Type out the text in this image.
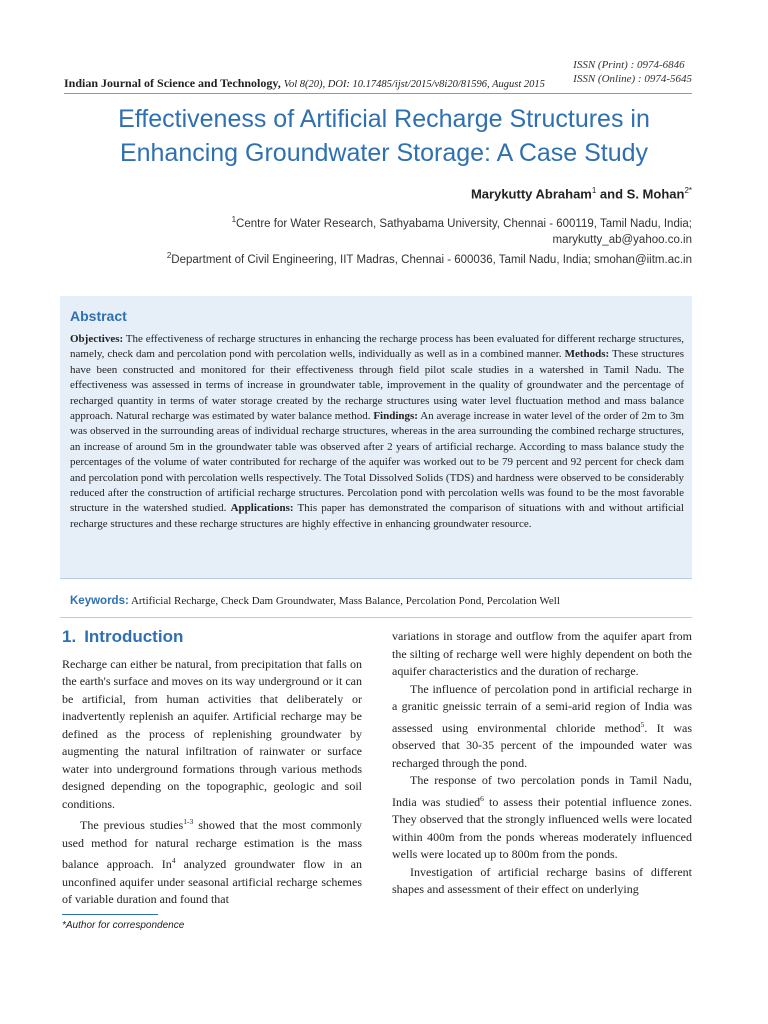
ISSN (Print) : 0974-6846
ISSN (Online) : 0974-5645
Indian Journal of Science and Technology, Vol 8(20), DOI: 10.17485/ijst/2015/v8i20/81596, August 2015
Effectiveness of Artificial Recharge Structures in
Enhancing Groundwater Storage: A Case Study
Marykutty Abraham$^1$ and S. Mohan$^{2*}$
$^1$Centre for Water Research, Sathyabama University, Chennai - 600119, Tamil Nadu, India;
marykutty_ab@yahoo.co.in
$^2$Department of Civil Engineering, IIT Madras, Chennai - 600036, Tamil Nadu, India; smohan@iitm.ac.in
Abstract
Objectives: The effectiveness of recharge structures in enhancing the recharge process has been evaluated for different recharge structures, namely, check dam and percolation pond with percolation wells, individually as well as in a combined manner. Methods: These structures have been constructed and monitored for their effectiveness through field pilot scale studies in a watershed in Tamil Nadu. The effectiveness was assessed in terms of increase in groundwater table, improvement in the quality of groundwater and the percentage of recharged quantity in terms of water storage created by the recharge structures using water level fluctuation method and mass balance approach. Natural recharge was estimated by water balance method. Findings: An average increase in water level of the order of 2m to 3m was observed in the surrounding areas of individual recharge structures, whereas in the area surrounding the combined recharge structures, an increase of around 5m in the groundwater table was observed after 2 years of artificial recharge. According to mass balance study the percentages of the volume of water contributed for recharge of the aquifer was worked out to be 79 percent and 92 percent for check dam and percolation pond with percolation wells respectively. The Total Dissolved Solids (TDS) and hardness were observed to be considerably reduced after the construction of artificial recharge structures. Percolation pond with percolation wells was found to be the most favorable structure in the watershed studied. Applications: This paper has demonstrated the comparison of situations with and without artificial recharge structures and these recharge structures are highly effective in enhancing groundwater resource.
Keywords: Artificial Recharge, Check Dam Groundwater, Mass Balance, Percolation Pond, Percolation Well
1. Introduction

Recharge can either be natural, from precipitation that falls on the earth's surface and moves on its way underground or it can be artificial, from human activities that deliberately or inadvertently replenish an aquifer. Artificial recharge may be defined as the process of replenishing groundwater by augmenting the natural infiltration of rainwater or surface water into underground formations through various methods designed depending on the topographic, geologic and soil conditions.

The previous studies$^{1-3}$ showed that the most commonly used method for natural recharge estimation is the mass balance approach. In$^4$ analyzed groundwater flow in an unconfined aquifer under seasonal artificial recharge schemes of variable duration and found that

variations in storage and outflow from the aquifer apart from the silting of recharge well were highly dependent on both the aquifer characteristics and the duration of recharge.

The influence of percolation pond in artificial recharge in a granitic gneissic terrain of a semi-arid region of India was assessed using environmental chloride method$^5$. It was observed that 30-35 percent of the impounded water was recharged through the pond.

The response of two percolation ponds in Tamil Nadu, India was studied$^6$ to assess their potential influence zones. They observed that the strongly influenced wells were located within 400m from the ponds whereas moderately influenced wells were located up to 800m from the ponds.

Investigation of artificial recharge basins of different shapes and assessment of their effect on underlying

*Author for correspondence
